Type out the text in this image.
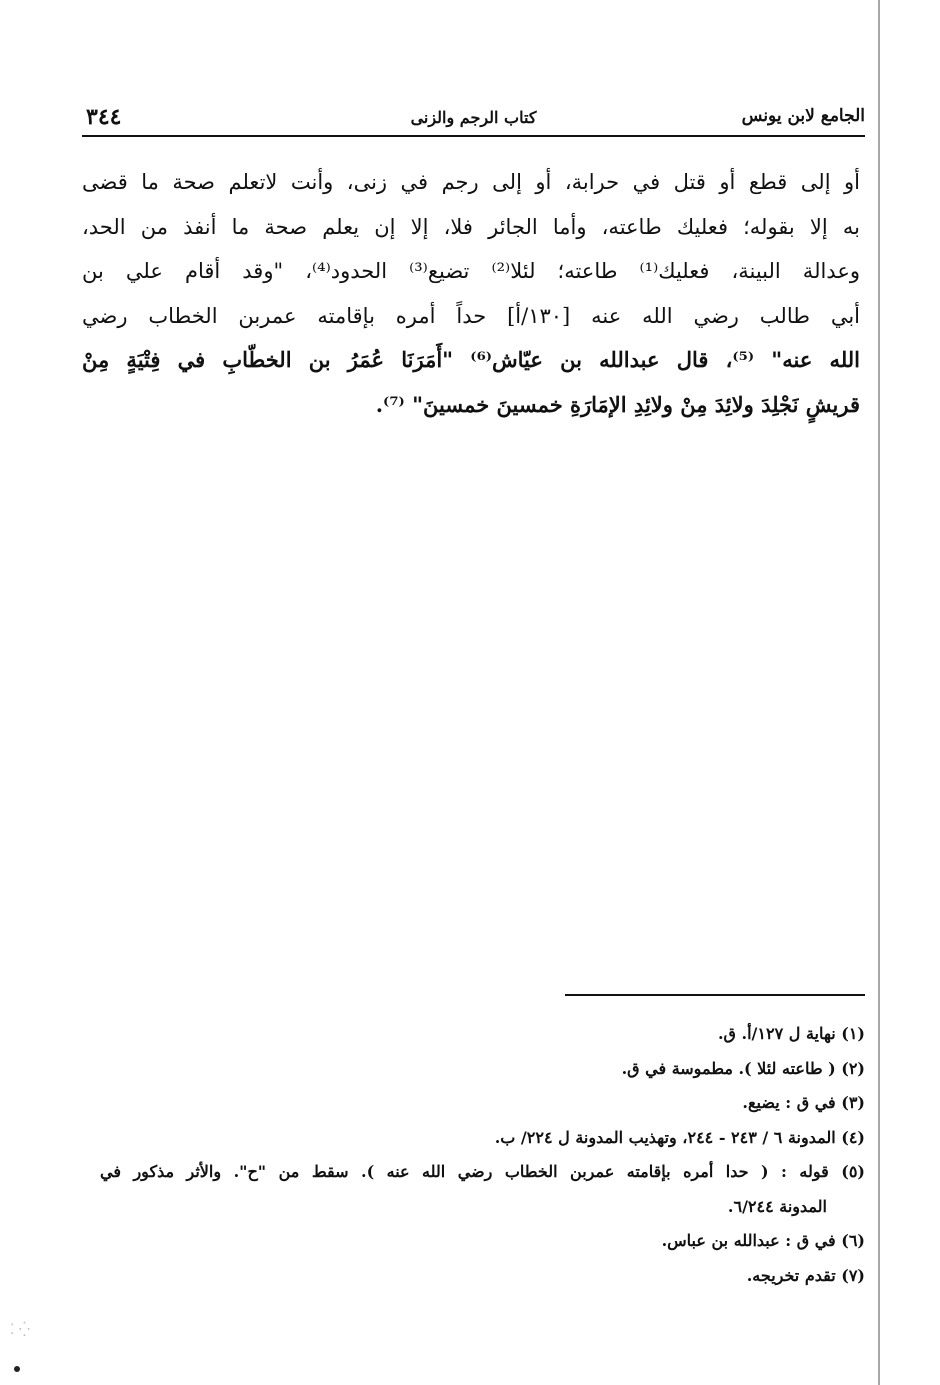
الجامع لابن يونس
كتاب الرجم والزنى
٣٤٤
أو إلى قطع أو قتل في حرابة، أو إلى رجم في زنى، وأنت لاتعلم صحة ما قضى
به إلا بقوله؛ فعليك طاعته، وأما الجائر فلا، إلا إن يعلم صحة ما أنفذ من الحد،
وعدالة البينة، فعليك⁽¹⁾ طاعته؛ لئلا⁽²⁾ تضيع⁽³⁾ الحدود⁽⁴⁾، "وقد أقام علي بن
أبي طالب رضي الله عنه [١٣٠/أ] حداً أمره بإقامته عمربن الخطاب رضي
الله عنه" ⁽⁵⁾، قال عبدالله بن عيّاش⁽⁶⁾ "أَمَرَنَا عُمَرُ بن الخطّابِ في فِتْيَةٍ مِنْ
قريشٍ نَجْلِدَ ولائِدَ مِنْ ولائِدِ الإمَارَةِ خمسينَ خمسينَ" ⁽⁷⁾.
(١) نهاية ل ١٢٧/أ. ق.
(٢) ( طاعته لئلا ). مطموسة في ق.
(٣) في ق : يضيع.
(٤) المدونة ٦ / ٢٤٣ - ٢٤٤، وتهذيب المدونة ل ٢٢٤/ ب.
(٥) قوله : ( حدا أمره بإقامته عمربن الخطاب رضي الله عنه ). سقط من "ح". والأثر مذكور في
المدونة ٦/٢٤٤.
(٦) في ق : عبدالله بن عباس.
(٧) تقدم تخريجه.
⁚ ⁛
